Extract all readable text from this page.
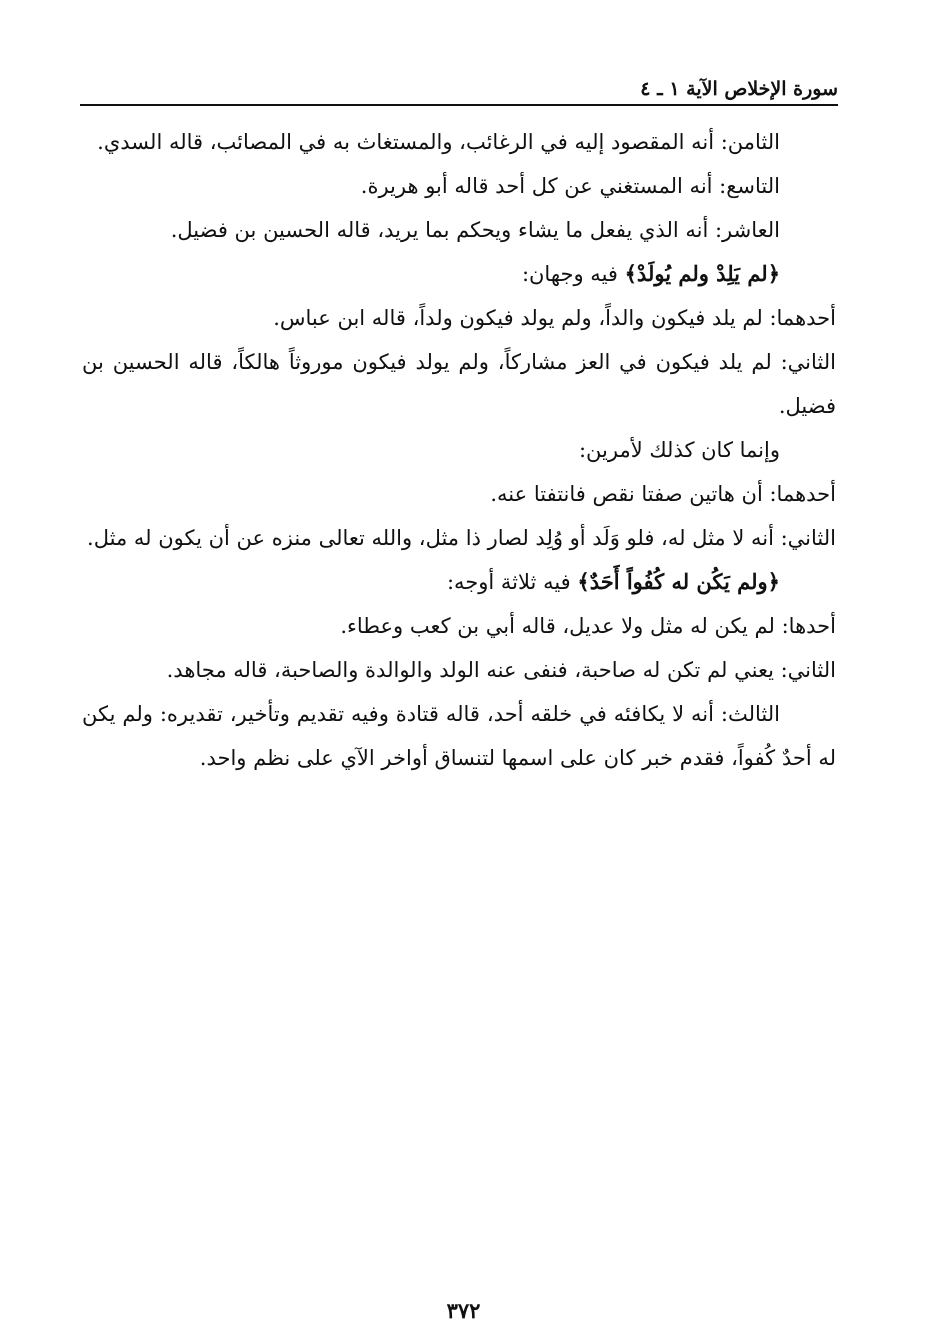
سورة الإخلاص الآية ١ ـ ٤

الثامن: أنه المقصود إليه في الرغائب، والمستغاث به في المصائب، قاله السدي.

التاسع: أنه المستغني عن كل أحد قاله أبو هريرة.

العاشر: أنه الذي يفعل ما يشاء ويحكم بما يريد، قاله الحسين بن فضيل.

﴿لم يَلِدْ ولم يُولَدْ﴾ فيه وجهان:

أحدهما: لم يلد فيكون والداً، ولم يولد فيكون ولداً، قاله ابن عباس.

الثاني: لم يلد فيكون في العز مشاركاً، ولم يولد فيكون موروثاً هالكاً، قاله الحسين بن فضيل.

وإنما كان كذلك لأمرين:

أحدهما: أن هاتين صفتا نقص فانتفتا عنه.

الثاني: أنه لا مثل له، فلو وَلَد أو وُلِد لصار ذا مثل، والله تعالى منزه عن أن يكون له مثل.

﴿ولم يَكُن له كُفُواً أَحَدٌ﴾ فيه ثلاثة أوجه:

أحدها: لم يكن له مثل ولا عديل، قاله أبي بن كعب وعطاء.

الثاني: يعني لم تكن له صاحبة، فنفى عنه الولد والوالدة والصاحبة، قاله مجاهد.

الثالث: أنه لا يكافئه في خلقه أحد، قاله قتادة وفيه تقديم وتأخير، تقديره: ولم يكن له أحدٌ كُفواً، فقدم خبر كان على اسمها لتنساق أواخر الآي على نظم واحد.

٣٧٢
